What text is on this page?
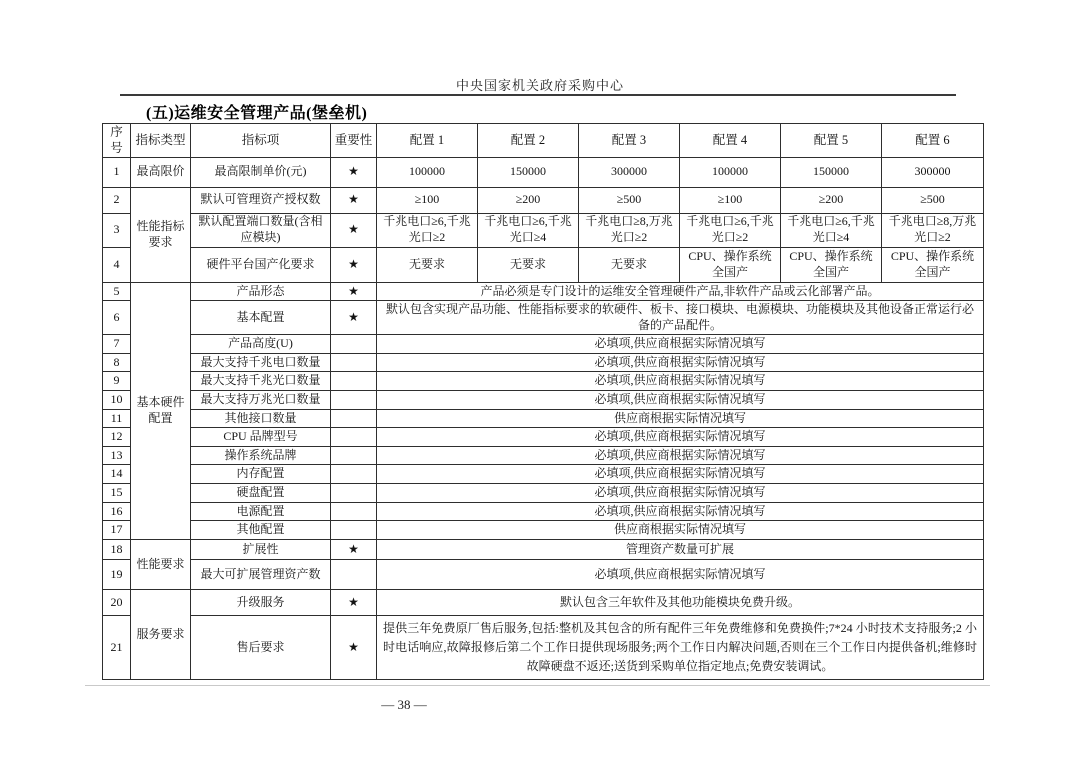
中央国家机关政府采购中心
(五)运维安全管理产品(堡垒机)
序号	指标类型	指标项	重要性	配置 1	配置 2	配置 3	配置 4	配置 5	配置 6
1	最高限价	最高限制单价(元)	★	100000	150000	300000	100000	150000	300000
2	性能指标要求	默认可管理资产授权数	★	≥100	≥200	≥500	≥100	≥200	≥500
3		默认配置端口数量(含相应模块)	★	千兆电口≥6,千兆光口≥2	千兆电口≥6,千兆光口≥4	千兆电口≥8,万兆光口≥2	千兆电口≥6,千兆光口≥2	千兆电口≥6,千兆光口≥4	千兆电口≥8,万兆光口≥2
4		硬件平台国产化要求	★	无要求	无要求	无要求	CPU、操作系统全国产	CPU、操作系统全国产	CPU、操作系统全国产
5	基本硬件配置	产品形态	★	产品必须是专门设计的运维安全管理硬件产品,非软件产品或云化部署产品。					
6		基本配置	★	默认包含实现产品功能、性能指标要求的软硬件、板卡、接口模块、电源模块、功能模块及其他设备正常运行必备的产品配件。					
7		产品高度(U)		必填项,供应商根据实际情况填写					
8		最大支持千兆电口数量		必填项,供应商根据实际情况填写					
9		最大支持千兆光口数量		必填项,供应商根据实际情况填写					
10		最大支持万兆光口数量		必填项,供应商根据实际情况填写					
11		其他接口数量		供应商根据实际情况填写					
12		CPU 品牌型号		必填项,供应商根据实际情况填写					
13		操作系统品牌		必填项,供应商根据实际情况填写					
14		内存配置		必填项,供应商根据实际情况填写					
15		硬盘配置		必填项,供应商根据实际情况填写					
16		电源配置		必填项,供应商根据实际情况填写					
17		其他配置		供应商根据实际情况填写					
18	性能要求	扩展性	★	管理资产数量可扩展					
19		最大可扩展管理资产数		必填项,供应商根据实际情况填写					
20	服务要求	升级服务	★	默认包含三年软件及其他功能模块免费升级。					
21		售后要求	★	提供三年免费原厂售后服务,包括:整机及其包含的所有配件三年免费维修和免费换件;7*24 小时技术支持服务;2 小时电话响应,故障报修后第二个工作日提供现场服务;两个工作日内解决问题,否则在三个工作日内提供备机;维修时故障硬盘不返还;送货到采购单位指定地点;免费安装调试。					
— 38 —
